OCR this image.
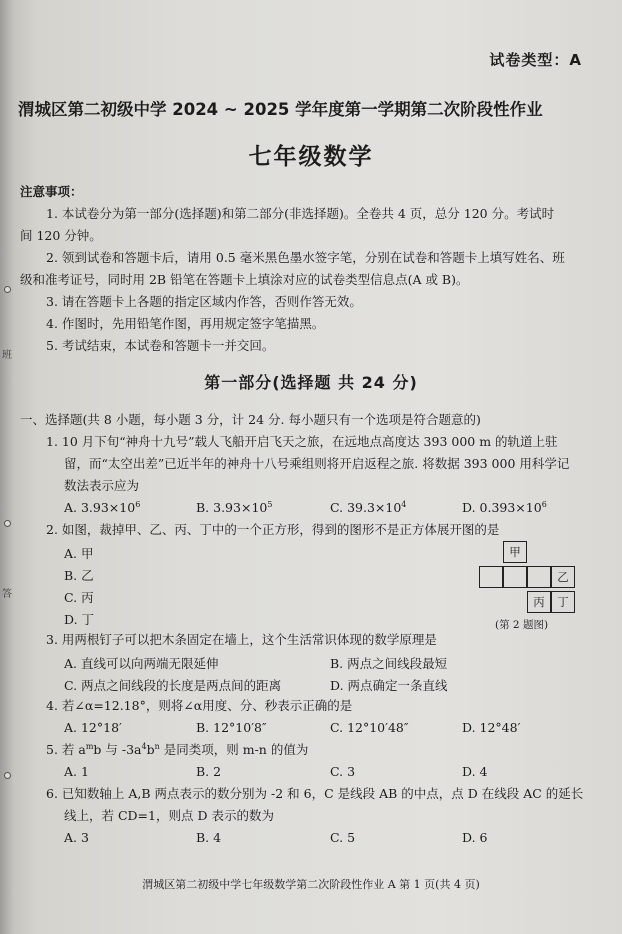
班
答
试卷类型：A
渭城区第二初级中学 2024 ~ 2025 学年度第一学期第二次阶段性作业
七年级数学
注意事项：
1. 本试卷分为第一部分(选择题)和第二部分(非选择题)。全卷共 4 页，总分 120 分。考试时
间 120 分钟。
2. 领到试卷和答题卡后，请用 0.5 毫米黑色墨水签字笔，分别在试卷和答题卡上填写姓名、班
级和准考证号，同时用 2B 铅笔在答题卡上填涂对应的试卷类型信息点(A 或 B)。
3. 请在答题卡上各题的指定区域内作答，否则作答无效。
4. 作图时，先用铅笔作图，再用规定签字笔描黑。
5. 考试结束，本试卷和答题卡一并交回。
第一部分(选择题 共 24 分)
一、选择题(共 8 小题，每小题 3 分，计 24 分. 每小题只有一个选项是符合题意的)
1. 10 月下旬“神舟十九号”载人飞船开启飞天之旅，在远地点高度达 393 000 m 的轨道上驻
留，而“太空出差”已近半年的神舟十八号乘组则将开启返程之旅. 将数据 393 000 用科学记
数法表示应为
A. $3.93\times 10^6$	B. $3.93\times 10^5$	C. $39.3\times 10^4$	D. $0.393\times 10^6$
2. 如图，裁掉甲、乙、丙、丁中的一个正方形，得到的图形不是正方体展开图的是
A. 甲
B. 乙
C. 丙
D. 丁
甲
乙
丙	丁
(第 2 题图)
3. 用两根钉子可以把木条固定在墙上，这个生活常识体现的数学原理是
A. 直线可以向两端无限延伸	B. 两点之间线段最短
C. 两点之间线段的长度是两点间的距离	D. 两点确定一条直线
4. 若∠α=12.18°，则将∠α用度、分、秒表示正确的是
A. 12°18′	B. 12°10′8″	C. 12°10′48″	D. 12°48′
5. 若 $a^mb$ 与 $-3a^4b^n$ 是同类项，则 m-n 的值为
A. 1	B. 2	C. 3	D. 4
6. 已知数轴上 A,B 两点表示的数分别为 -2 和 6，C 是线段 AB 的中点，点 D 在线段 AC 的延长
线上，若 CD=1，则点 D 表示的数为
A. 3	B. 4	C. 5	D. 6
渭城区第二初级中学七年级数学第二次阶段性作业 A 第 1 页(共 4 页)
